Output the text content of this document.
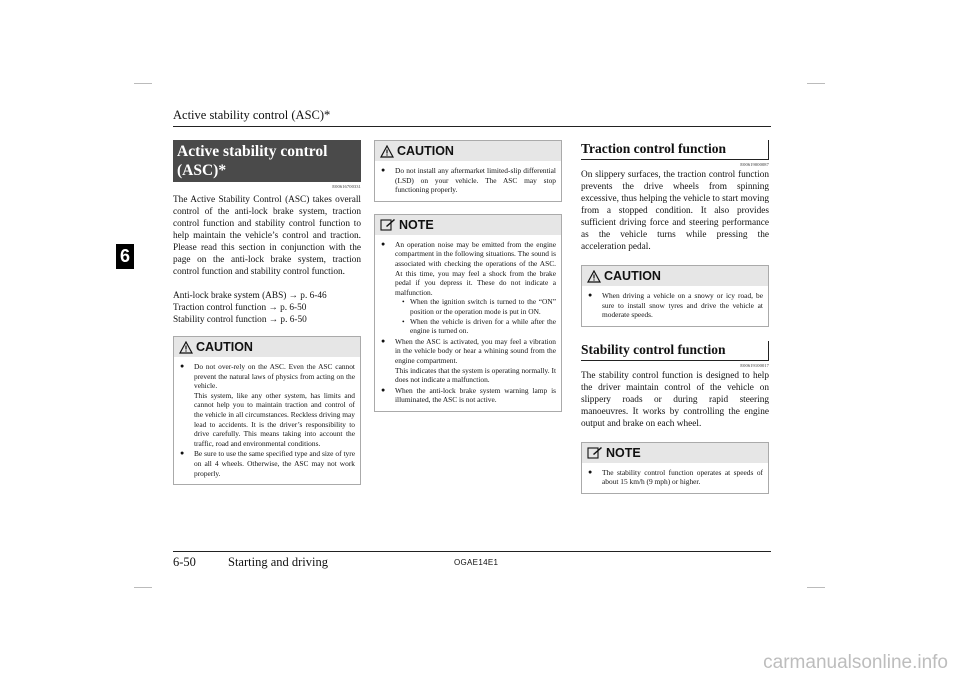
Active stability control (ASC)*
6
Active stability control (ASC)*
E00616700331

The Active Stability Control (ASC) takes overall control of the anti-lock brake system, traction control function and stability control function to help maintain the vehicle’s control and traction. Please read this section in conjunction with the page on the anti-lock brake system, traction control function and stability control function.

Anti-lock brake system (ABS) → p. 6-46

Traction control function → p. 6-50

Stability control function → p. 6-50

CAUTION
●	Do not over-rely on the ASC. Even the ASC cannot prevent the natural laws of physics from acting on the vehicle.
This system, like any other system, has limits and cannot help you to maintain traction and control of the vehicle in all circumstances. Reckless driving may lead to accidents. It is the driver’s responsibility to drive carefully. This means taking into account the traffic, road and environmental conditions.
●	Be sure to use the same specified type and size of tyre on all 4 wheels. Otherwise, the ASC may not work properly.
CAUTION
●	Do not install any aftermarket limited-slip differential (LSD) on your vehicle. The ASC may stop functioning properly.
NOTE
●	An operation noise may be emitted from the engine compartment in the following situations. The sound is associated with checking the operations of the ASC. At this time, you may feel a shock from the brake pedal if you depress it. These do not indicate a malfunction.
• When the ignition switch is turned to the “ON” position or the operation mode is put in ON.
• When the vehicle is driven for a while after the engine is turned on.
●	When the ASC is activated, you may feel a vibration in the vehicle body or hear a whining sound from the engine compartment.
This indicates that the system is operating normally. It does not indicate a malfunction.
●	When the anti-lock brake system warning lamp is illuminated, the ASC is not active.
Traction control function
E00619000087

On slippery surfaces, the traction control function prevents the drive wheels from spinning excessive, thus helping the vehicle to start moving from a stopped condition. It also provides sufficient driving force and steering performance as the vehicle turns while pressing the acceleration pedal.

CAUTION
●	When driving a vehicle on a snowy or icy road, be sure to install snow tyres and drive the vehicle at moderate speeds.
Stability control function
E00619100017

The stability control function is designed to help the driver maintain control of the vehicle on slippery roads or during rapid steering manoeuvres. It works by controlling the engine output and brake on each wheel.

NOTE
●	The stability control function operates at speeds of about 15 km/h (9 mph) or higher.
6-50	Starting and driving	OGAE14E1
carmanualsonline.info
